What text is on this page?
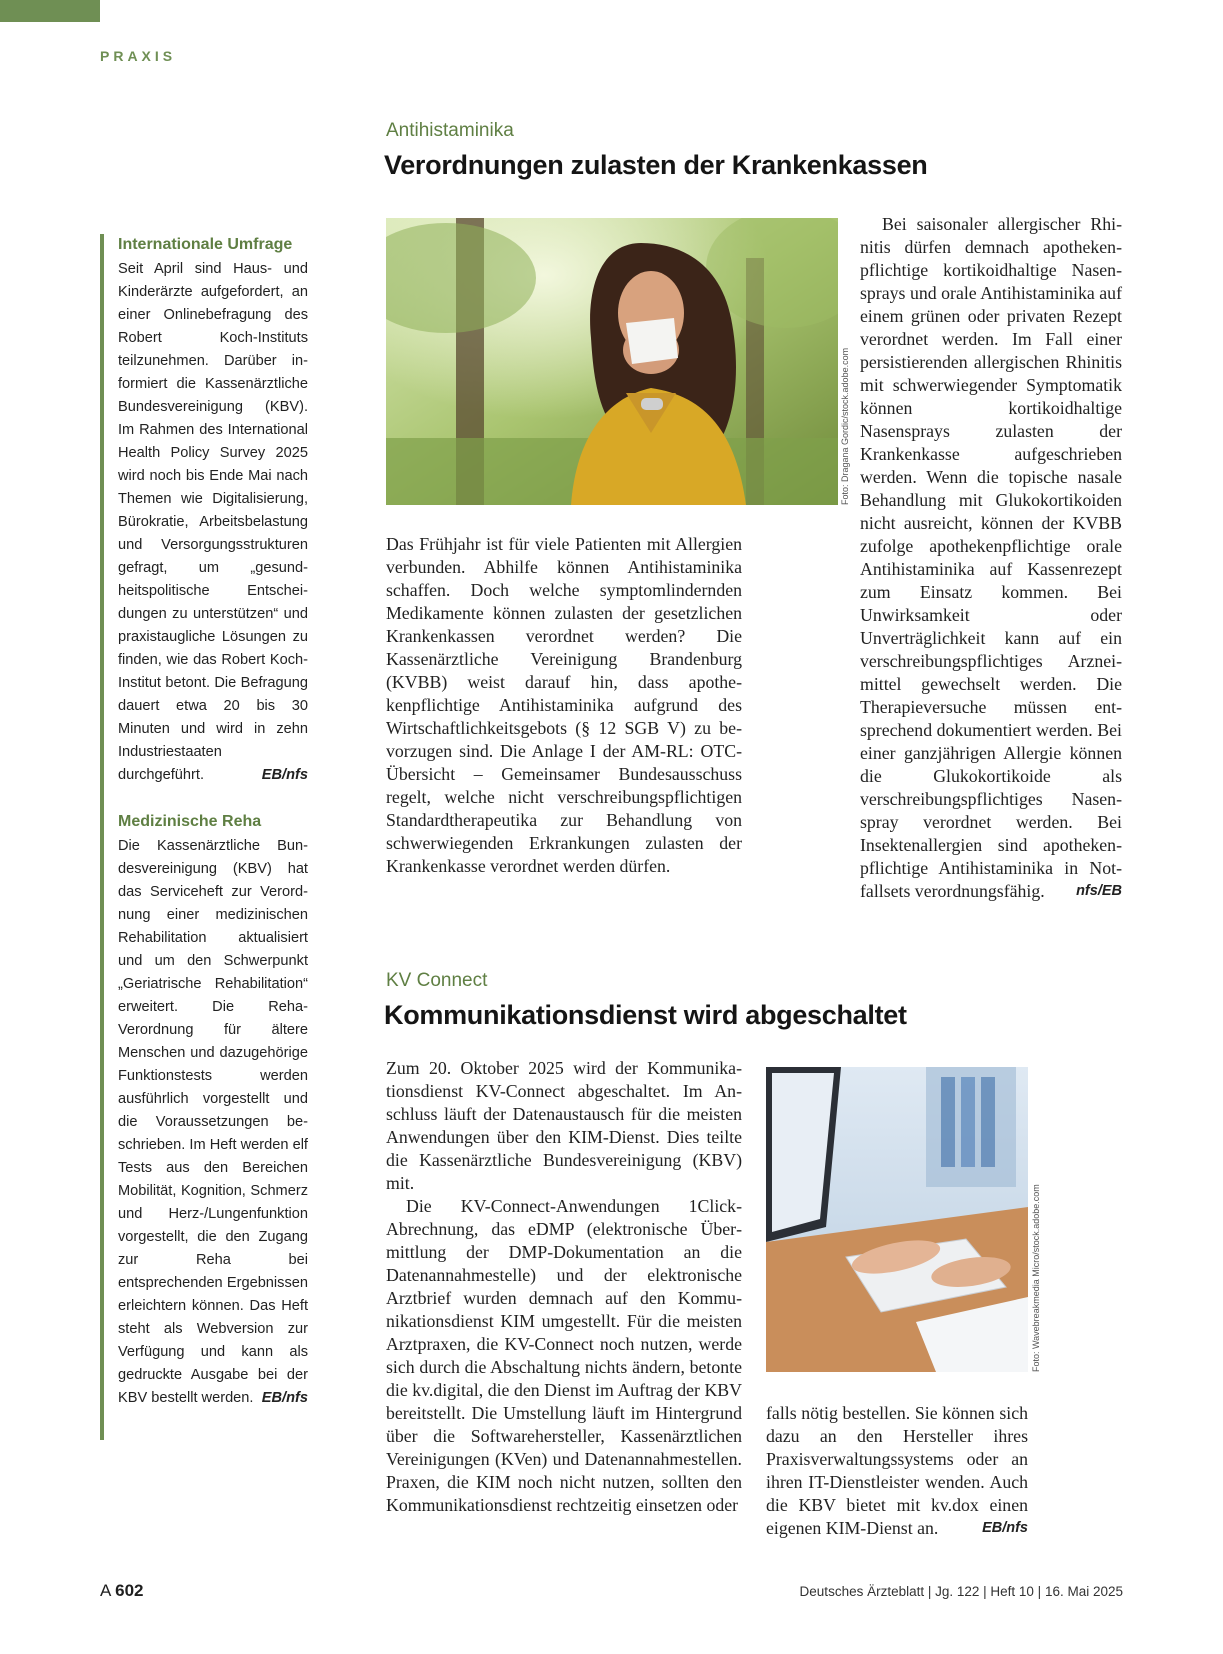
PRAXIS
Internationale Umfrage
Seit April sind Haus- und Kinderärzte aufgefordert, an einer Onlinebefragung des Robert Koch-Instituts teilzunehmen. Darüber informiert die Kassenärztliche Bundesvereinigung (KBV). Im Rahmen des International Health Policy Survey 2025 wird noch bis Ende Mai nach Themen wie Digitalisierung, Bürokratie, Arbeitsbelastung und Versorgungsstrukturen gefragt, um „gesundheitspolitische Entscheidungen zu unterstützen“ und praxistaugliche Lösungen zu finden, wie das Robert Koch-Institut betont. Die Befragung dauert etwa 20 bis 30 Minuten und wird in zehn Industriestaaten durchgeführt.	EB/nfs
Medizinische Reha
Die Kassenärztliche Bundesvereinigung (KBV) hat das Serviceheft zur Verordnung einer medizinischen Rehabilitation aktualisiert und um den Schwerpunkt „Geriatrische Rehabilitation“ erweitert. Die Reha-Verordnung für ältere Menschen und dazugehörige Funktionstests werden ausführlich vorgestellt und die Voraussetzungen beschrieben. Im Heft werden elf Tests aus den Bereichen Mobilität, Kognition, Schmerz und Herz-/Lungenfunktion vorgestellt, die den Zugang zur Reha bei entsprechenden Ergebnissen erleichtern können. Das Heft steht als Webversion zur Verfügung und kann als gedruckte Ausgabe bei der KBV bestellt werden. EB/nfs
Antihistaminika
Verordnungen zulasten der Krankenkassen
Foto: Dragana Gordic/stock.adobe.com

Das Frühjahr ist für viele Patienten mit Allergien verbunden. Abhilfe können Antihistaminika schaffen. Doch welche symptomlindernden Medikamente können zulasten der gesetzlichen Krankenkassen verordnet werden? Die Kassenärztliche Vereinigung Brandenburg (KVBB) weist darauf hin, dass apothekenpflichtige Antihistaminika aufgrund des Wirtschaftlichkeitsgebots (§ 12 SGB V) zu bevorzugen sind. Die Anlage I der AM-RL: OTC-Übersicht – Gemeinsamer Bundesausschuss regelt, welche nicht verschreibungspflichtigen Standardtherapeutika zur Behandlung von schwerwiegenden Erkrankungen zulasten der Krankenkasse verordnet werden dürfen.

Bei saisonaler allergischer Rhinitis dürfen demnach apothekenpflichtige kortikoidhaltige Nasensprays und orale Antihistaminika auf einem grünen oder privaten Rezept verordnet werden. Im Fall einer persistierenden allergischen Rhinitis mit schwerwiegender Symptomatik können kortikoidhaltige Nasensprays zulasten der Krankenkasse aufgeschrieben werden. Wenn die topische nasale Behandlung mit Glukokortikoiden nicht ausreicht, können der KVBB zufolge apothekenpflichtige orale Antihistaminika auf Kassenrezept zum Einsatz kommen. Bei Unwirksamkeit oder Unverträglichkeit kann auf ein verschreibungspflichtiges Arzneimittel gewechselt werden. Die Therapieversuche müssen entsprechend dokumentiert werden. Bei einer ganzjährigen Allergie können die Glukokortikoide als verschreibungspflichtiges Nasenspray verordnet werden. Bei Insektenallergien sind apothekenpflichtige Antihistaminika in Notfallsets verordnungsfähig.	nfs/EB

KV Connect
Kommunikationsdienst wird abgeschaltet

Zum 20. Oktober 2025 wird der Kommunikationsdienst KV-Connect abgeschaltet. Im Anschluss läuft der Datenaustausch für die meisten Anwendungen über den KIM-Dienst. Dies teilte die Kassenärztliche Bundesvereinigung (KBV) mit.

Die KV-Connect-Anwendungen 1Click-Abrechnung, das eDMP (elektronische Übermittlung der DMP-Dokumentation an die Datenannahmestelle) und der elektronische Arztbrief wurden demnach auf den Kommunikationsdienst KIM umgestellt. Für die meisten Arztpraxen, die KV-Connect noch nutzen, werde sich durch die Abschaltung nichts ändern, betonte die kv.digital, die den Dienst im Auftrag der KBV bereitstellt. Die Umstellung läuft im Hintergrund über die Softwarehersteller, Kassenärztlichen Vereinigungen (KVen) und Datenannahmestellen. Praxen, die KIM noch nicht nutzen, sollten den Kommunikationsdienst rechtzeitig einsetzen oder

Foto: Wavebreakmedia Micro/stock.adobe.com

falls nötig bestellen. Sie können sich dazu an den Hersteller ihres Praxisverwaltungssystems oder an ihren IT-Dienstleister wenden. Auch die KBV bietet mit kv.dox einen eigenen KIM-Dienst an.	EB/nfs

A 602	Deutsches Ärzteblatt | Jg. 122 | Heft 10 | 16. Mai 2025
